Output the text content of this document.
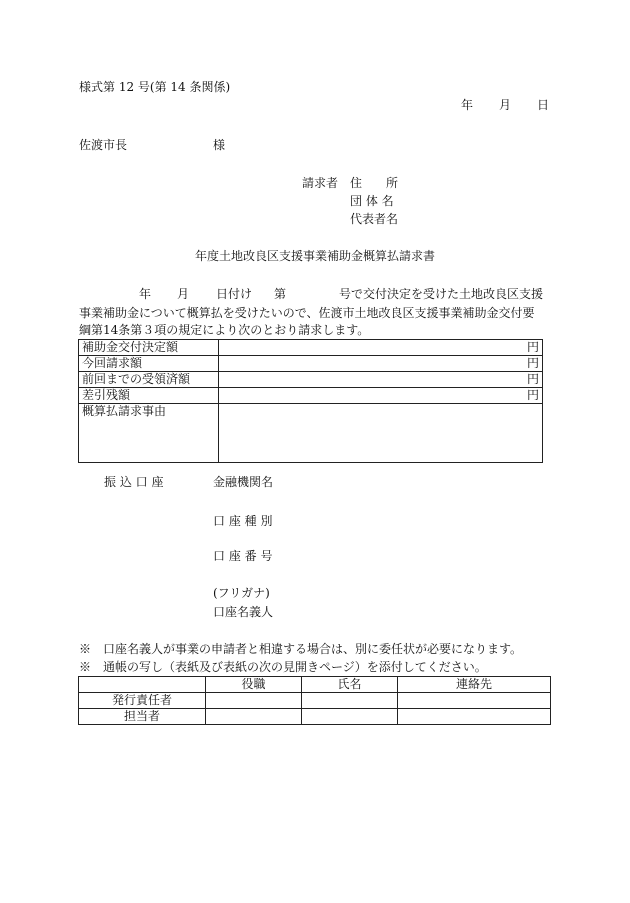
様式第 12 号(第 14 条関係)
年 月 日
佐渡市長	様
請求者 住　　所
団 体 名
代表者名
年度土地改良区支援事業補助金概算払請求書
年 月 日付け 第	号で交付決定を受けた土地改良区支援
事業補助金について概算払を受けたいので、佐渡市土地改良区支援事業補助金交付要
綱第14条第３項の規定により次のとおり請求します。
補助金交付決定額	円
今回請求額	円
前回までの受領済額	円
差引残額	円
概算払請求事由	
振 込 口 座	金融機関名
口 座 種 別
口 座 番 号
(フリガナ)
口座名義人
※　口座名義人が事業の申請者と相違する場合は、別に委任状が必要になります。
※　通帳の写し（表紙及び表紙の次の見開きページ）を添付してください。
	役職	氏名	連絡先
発行責任者			
担当者			
